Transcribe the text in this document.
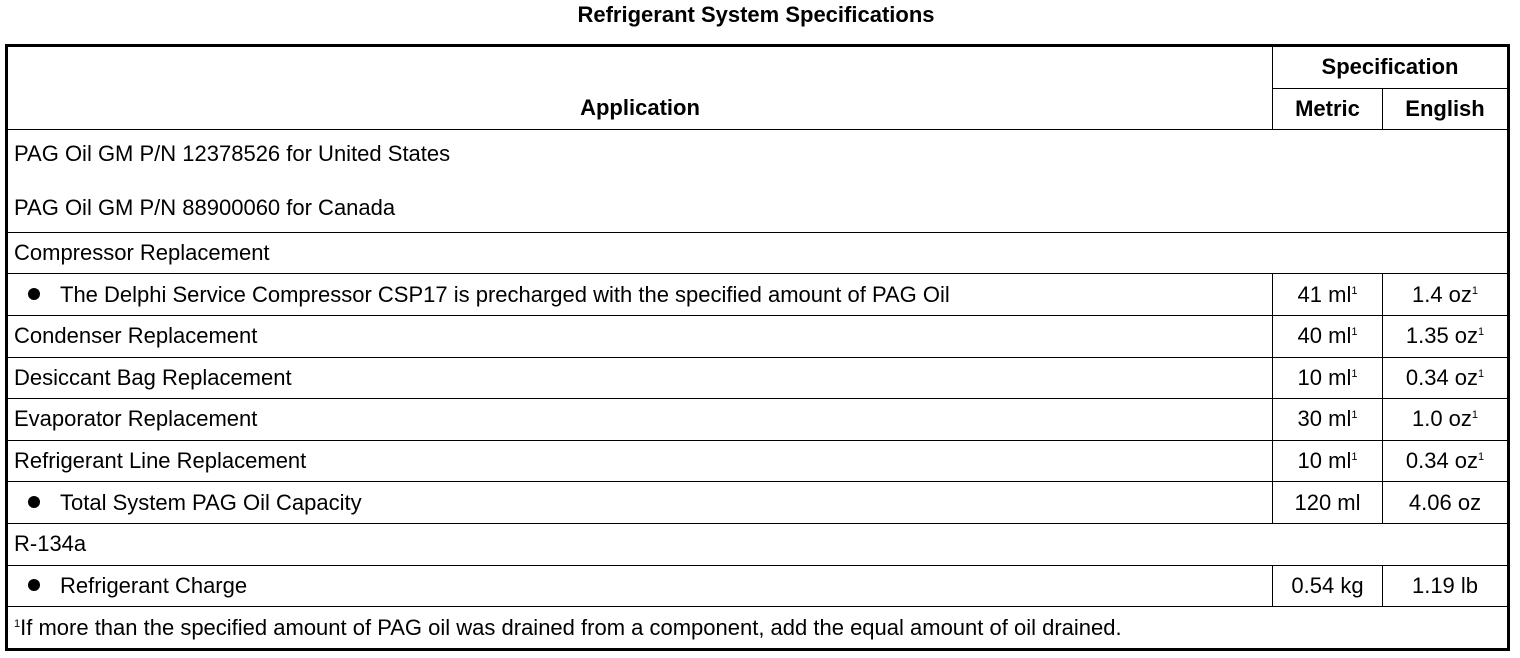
Refrigerant System Specifications
Application	Specification	
	Metric	English

PAG Oil GM P/N 12378526 for United States
PAG Oil GM P/N 88900060 for Canada		

Compressor Replacement		
The Delphi Service Compressor CSP17 is precharged with the specified amount of PAG Oil	41 ml$^1$	1.4 oz$^1$
Condenser Replacement	40 ml$^1$	1.35 oz$^1$
Desiccant Bag Replacement	10 ml$^1$	0.34 oz$^1$
Evaporator Replacement	30 ml$^1$	1.0 oz$^1$
Refrigerant Line Replacement	10 ml$^1$	0.34 oz$^1$
Total System PAG Oil Capacity	120 ml	4.06 oz
R-134a		
Refrigerant Charge	0.54 kg	1.19 lb
$^1$If more than the specified amount of PAG oil was drained from a component, add the equal amount of oil drained.		
